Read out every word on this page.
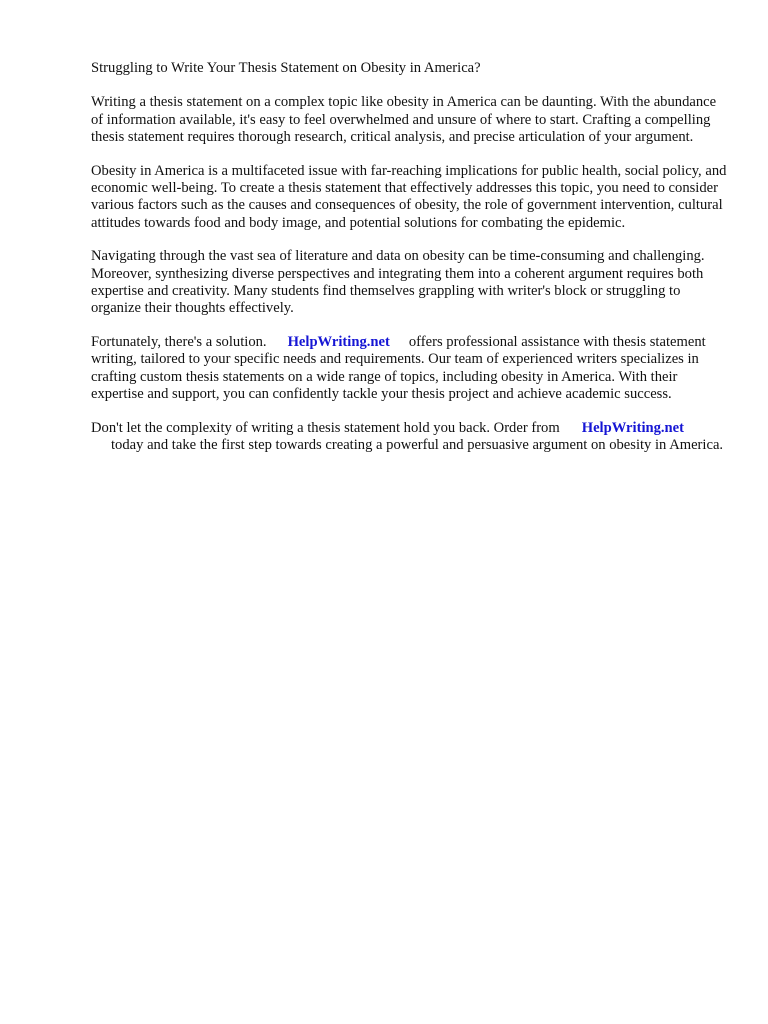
Struggling to Write Your Thesis Statement on Obesity in America?

Writing a thesis statement on a complex topic like obesity in America can be daunting. With the abundance of information available, it's easy to feel overwhelmed and unsure of where to start. Crafting a compelling thesis statement requires thorough research, critical analysis, and precise articulation of your argument.

Obesity in America is a multifaceted issue with far-reaching implications for public health, social policy, and economic well-being. To create a thesis statement that effectively addresses this topic, you need to consider various factors such as the causes and consequences of obesity, the role of government intervention, cultural attitudes towards food and body image, and potential solutions for combating the epidemic.

Navigating through the vast sea of literature and data on obesity can be time-consuming and challenging. Moreover, synthesizing diverse perspectives and integrating them into a coherent argument requires both expertise and creativity. Many students find themselves grappling with writer's block or struggling to organize their thoughts effectively.

Fortunately, there's a solution. HelpWriting.net offers professional assistance with thesis statement writing, tailored to your specific needs and requirements. Our team of experienced writers specializes in crafting custom thesis statements on a wide range of topics, including obesity in America. With their expertise and support, you can confidently tackle your thesis project and achieve academic success.

Don't let the complexity of writing a thesis statement hold you back. Order from HelpWriting.net
today and take the first step towards creating a powerful and persuasive argument on obesity in America.
